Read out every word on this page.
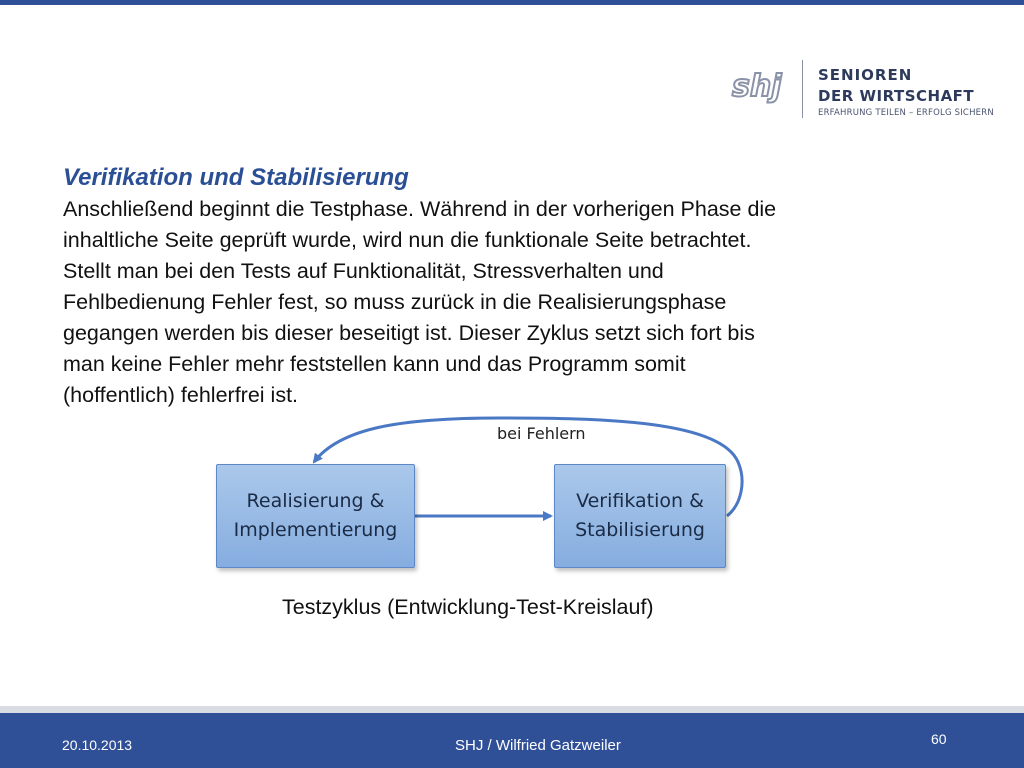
shj SENIOREN
DER WIRTSCHAFT
ERFAHRUNG TEILEN – ERFOLG SICHERN
Verifikation und Stabilisierung
Anschließend beginnt die Testphase. Während in der vorherigen Phase die
inhaltliche Seite geprüft wurde, wird nun die funktionale Seite betrachtet.
Stellt man bei den Tests auf Funktionalität, Stressverhalten und
Fehlbedienung Fehler fest, so muss zurück in die Realisierungsphase
gegangen werden bis dieser beseitigt ist. Dieser Zyklus setzt sich fort bis
man keine Fehler mehr feststellen kann und das Programm somit
(hoffentlich) fehlerfrei ist.
bei Fehlern
Realisierung &
Implementierung
Verifikation &
Stabilisierung
Testzyklus (Entwicklung-Test-Kreislauf)
20.10.2013	SHJ / Wilfried Gatzweiler	60
